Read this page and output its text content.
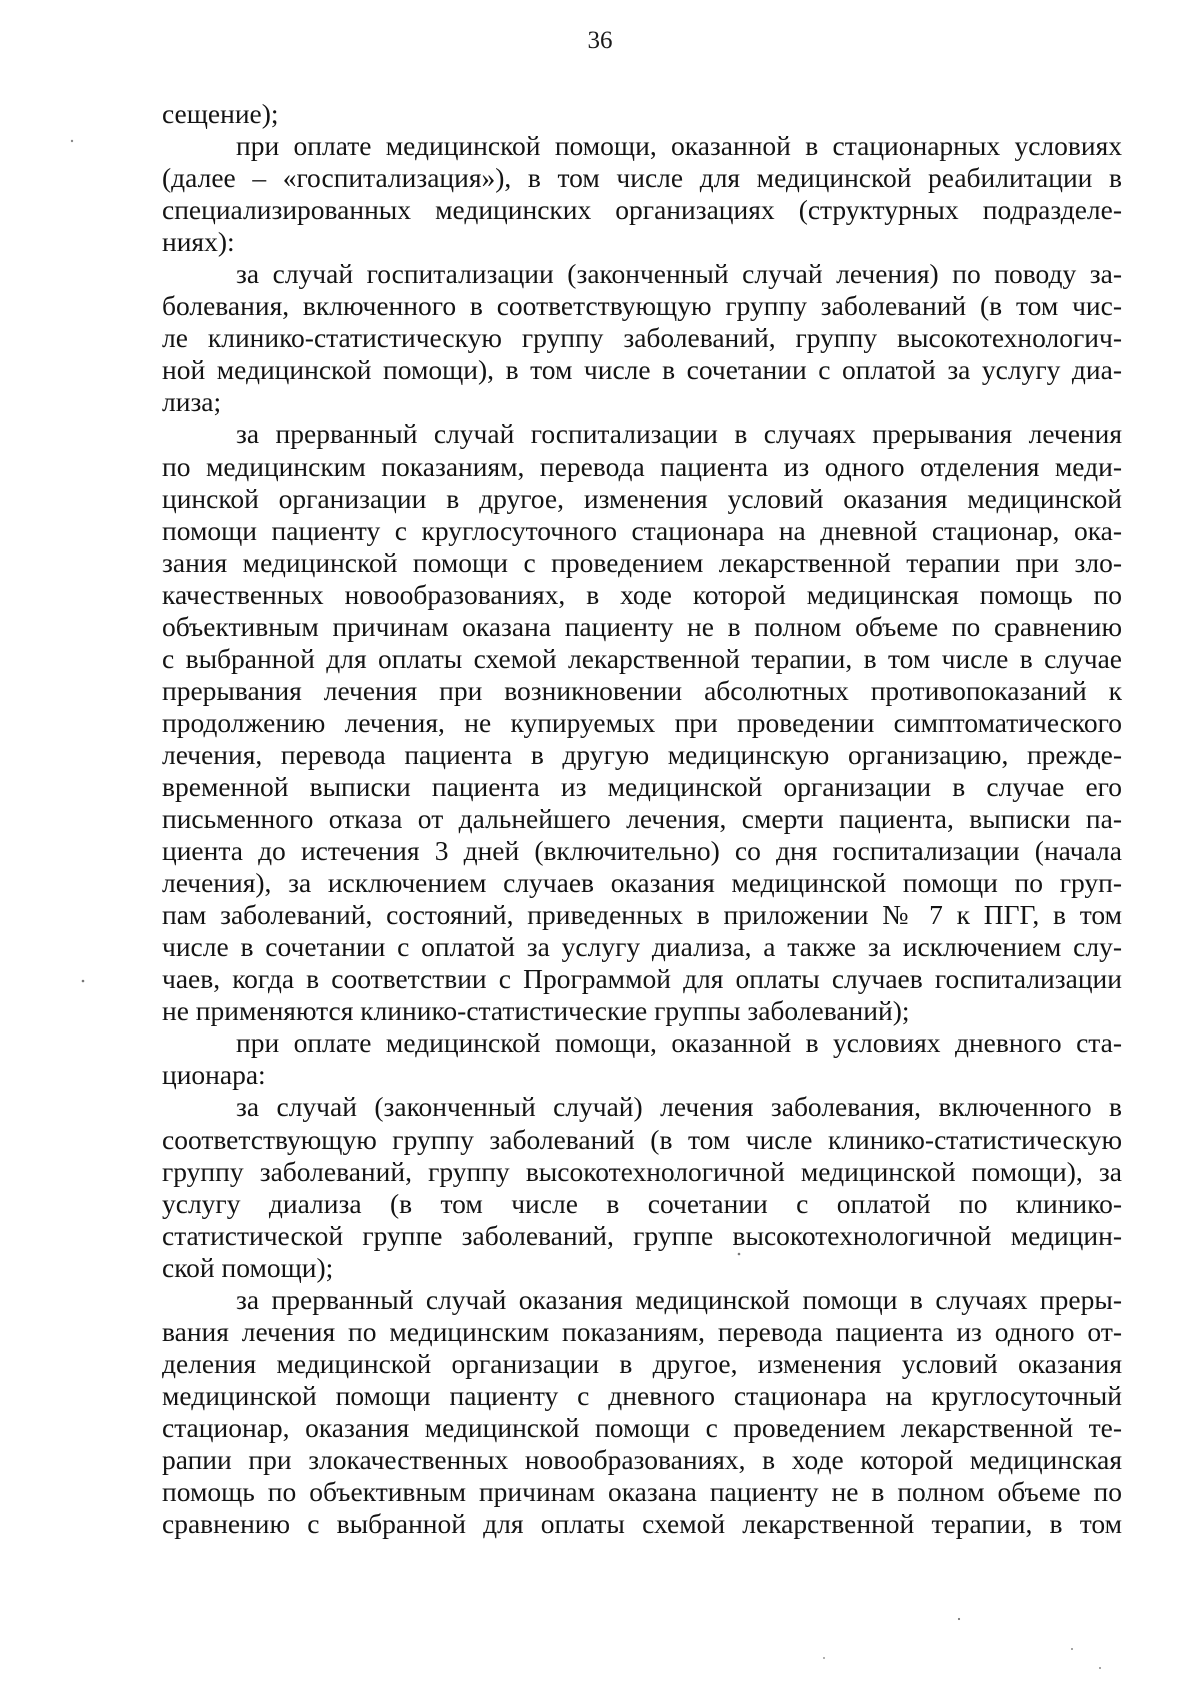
36
сещение);
при оплате медицинской помощи, оказанной в стационарных условиях
(далее – «госпитализация»), в том числе для медицинской реабилитации в
специализированных медицинских организациях (структурных подразделе-
ниях):
за случай госпитализации (законченный случай лечения) по поводу за-
болевания, включенного в соответствующую группу заболеваний (в том чис-
ле клинико-статистическую группу заболеваний, группу высокотехнологич-
ной медицинской помощи), в том числе в сочетании с оплатой за услугу диа-
лиза;
за прерванный случай госпитализации в случаях прерывания лечения
по медицинским показаниям, перевода пациента из одного отделения меди-
цинской организации в другое, изменения условий оказания медицинской
помощи пациенту с круглосуточного стационара на дневной стационар, ока-
зания медицинской помощи с проведением лекарственной терапии при зло-
качественных новообразованиях, в ходе которой медицинская помощь по
объективным причинам оказана пациенту не в полном объеме по сравнению
с выбранной для оплаты схемой лекарственной терапии, в том числе в случае
прерывания лечения при возникновении абсолютных противопоказаний к
продолжению лечения, не купируемых при проведении симптоматического
лечения, перевода пациента в другую медицинскую организацию, прежде-
временной выписки пациента из медицинской организации в случае его
письменного отказа от дальнейшего лечения, смерти пациента, выписки па-
циента до истечения 3 дней (включительно) со дня госпитализации (начала
лечения), за исключением случаев оказания медицинской помощи по груп-
пам заболеваний, состояний, приведенных в приложении № 7 к ПГГ, в том
числе в сочетании с оплатой за услугу диализа, а также за исключением слу-
чаев, когда в соответствии с Программой для оплаты случаев госпитализации
не применяются клинико-статистические группы заболеваний);
при оплате медицинской помощи, оказанной в условиях дневного ста-
ционара:
за случай (законченный случай) лечения заболевания, включенного в
соответствующую группу заболеваний (в том числе клинико-статистическую
группу заболеваний, группу высокотехнологичной медицинской помощи), за
услугу диализа (в том числе в сочетании с оплатой по клинико-
статистической группе заболеваний, группе высокотехнологичной медицин-
ской помощи);
за прерванный случай оказания медицинской помощи в случаях преры-
вания лечения по медицинским показаниям, перевода пациента из одного от-
деления медицинской организации в другое, изменения условий оказания
медицинской помощи пациенту с дневного стационара на круглосуточный
стационар, оказания медицинской помощи с проведением лекарственной те-
рапии при злокачественных новообразованиях, в ходе которой медицинская
помощь по объективным причинам оказана пациенту не в полном объеме по
сравнению с выбранной для оплаты схемой лекарственной терапии, в том
